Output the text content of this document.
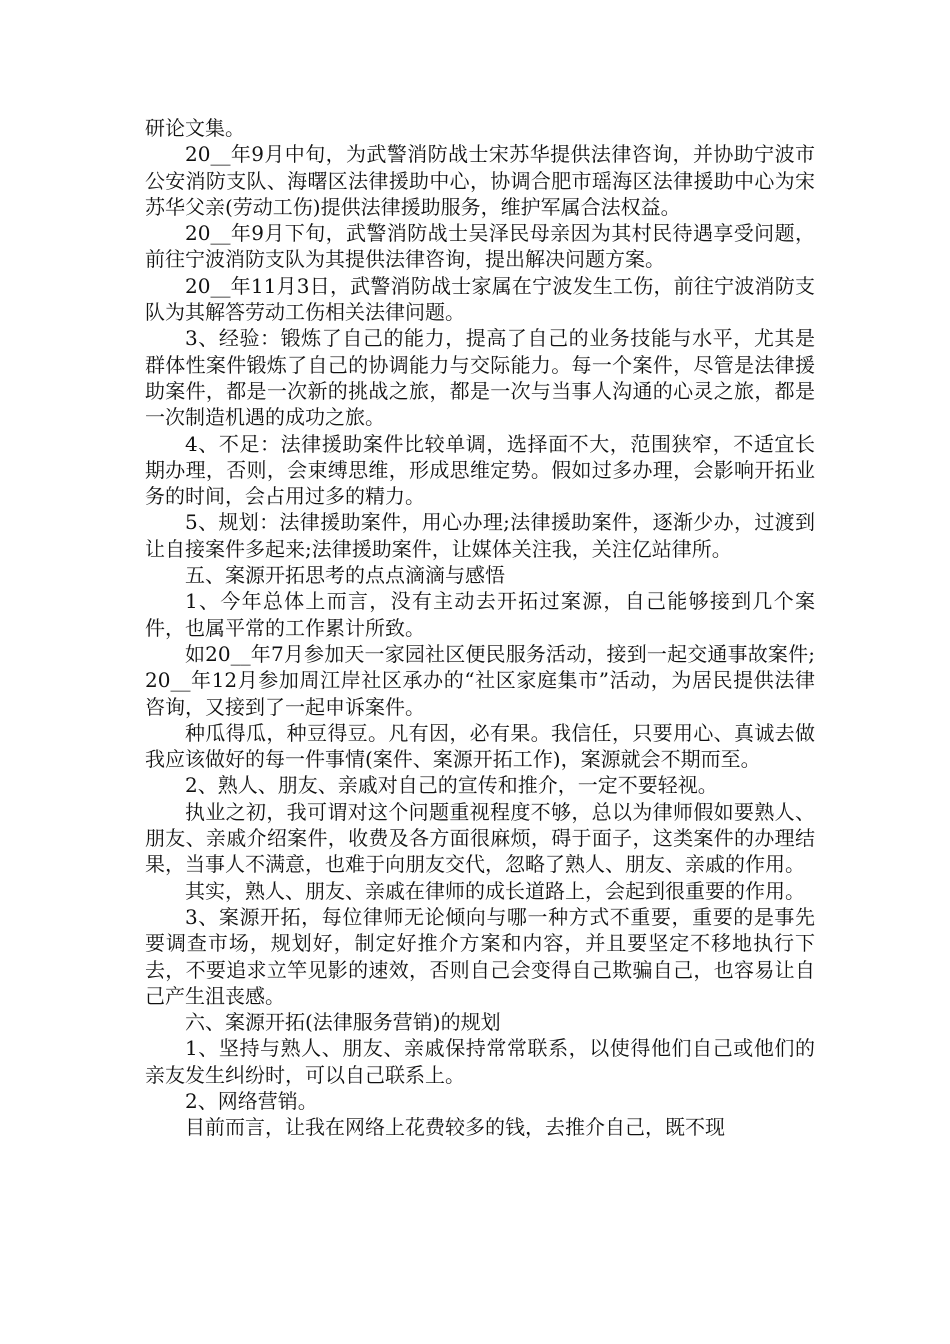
研论文集。

20__年9月中旬，为武警消防战士宋苏华提供法律咨询，并协助宁波市公安消防支队、海曙区法律援助中心，协调合肥市瑶海区法律援助中心为宋苏华父亲(劳动工伤)提供法律援助服务，维护军属合法权益。

20__年9月下旬，武警消防战士吴泽民母亲因为其村民待遇享受问题，前往宁波消防支队为其提供法律咨询，提出解决问题方案。

20__年11月3日，武警消防战士家属在宁波发生工伤，前往宁波消防支队为其解答劳动工伤相关法律问题。

3、经验：锻炼了自己的能力，提高了自己的业务技能与水平，尤其是群体性案件锻炼了自己的协调能力与交际能力。每一个案件，尽管是法律援助案件，都是一次新的挑战之旅，都是一次与当事人沟通的心灵之旅，都是一次制造机遇的成功之旅。

4、不足：法律援助案件比较单调，选择面不大，范围狭窄，不适宜长期办理，否则，会束缚思维，形成思维定势。假如过多办理，会影响开拓业务的时间，会占用过多的精力。

5、规划：法律援助案件，用心办理;法律援助案件，逐渐少办，过渡到让自接案件多起来;法律援助案件，让媒体关注我，关注亿站律所。

五、案源开拓思考的点点滴滴与感悟

1、今年总体上而言，没有主动去开拓过案源，自己能够接到几个案件，也属平常的工作累计所致。

如20__年7月参加天一家园社区便民服务活动，接到一起交通事故案件;20__年12月参加周江岸社区承办的“社区家庭集市”活动，为居民提供法律咨询，又接到了一起申诉案件。

种瓜得瓜，种豆得豆。凡有因，必有果。我信任，只要用心、真诚去做我应该做好的每一件事情(案件、案源开拓工作)，案源就会不期而至。

2、熟人、朋友、亲戚对自己的宣传和推介，一定不要轻视。

执业之初，我可谓对这个问题重视程度不够，总以为律师假如要熟人、朋友、亲戚介绍案件，收费及各方面很麻烦，碍于面子，这类案件的办理结果，当事人不满意，也难于向朋友交代，忽略了熟人、朋友、亲戚的作用。

其实，熟人、朋友、亲戚在律师的成长道路上，会起到很重要的作用。

3、案源开拓，每位律师无论倾向与哪一种方式不重要，重要的是事先要调查市场，规划好，制定好推介方案和内容，并且要坚定不移地执行下去，不要追求立竿见影的速效，否则自己会变得自己欺骗自己，也容易让自己产生沮丧感。

六、案源开拓(法律服务营销)的规划

1、坚持与熟人、朋友、亲戚保持常常联系，以使得他们自己或他们的亲友发生纠纷时，可以自己联系上。

2、网络营销。

目前而言，让我在网络上花费较多的钱，去推介自己，既不现
